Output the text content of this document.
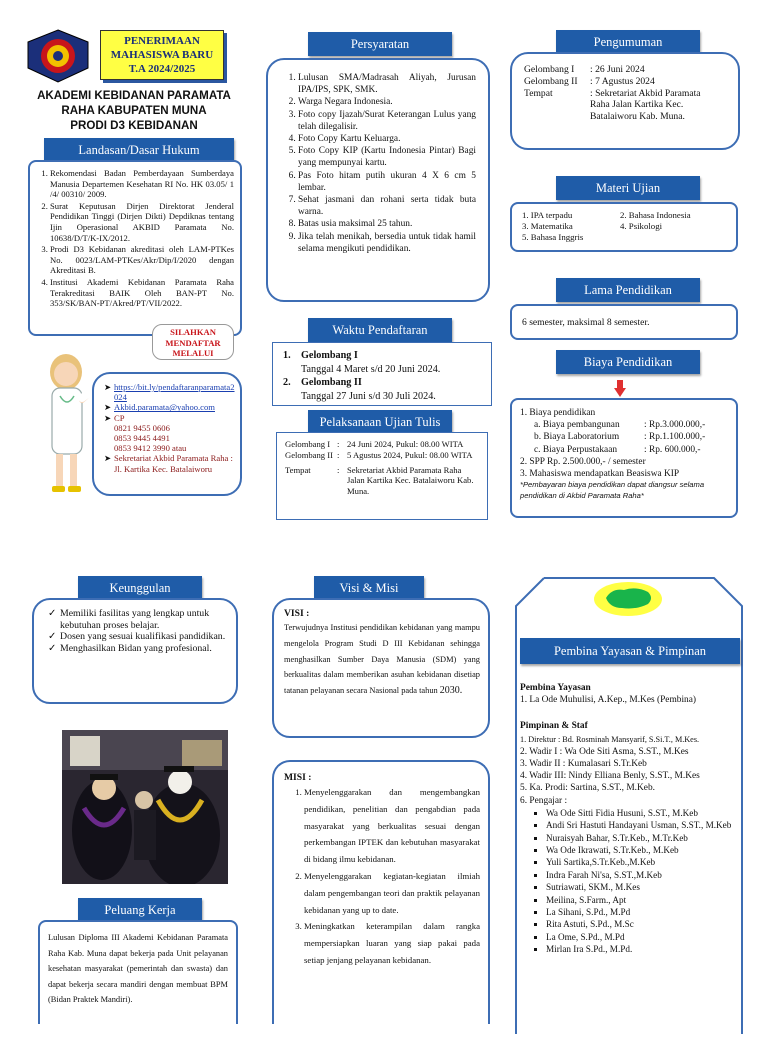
PENERIMAAN
MAHASISWA BARU
T.A 2024/2025
AKADEMI KEBIDANAN PARAMATA
RAHA KABUPATEN MUNA
PRODI D3 KEBIDANAN
Landasan/Dasar Hukum
1. Rekomendasi Badan Pemberdayaan Sumberdaya Manusia Departemen Kesehatan RI No. HK 03.05/ 1 /4/ 00310/ 2009.
2. Surat Keputusan Dirjen Direktorat Jenderal Pendidikan Tinggi (Dirjen Dikti) Depdiknas tentang Ijin Operasional AKBID Paramata No. 10638/D/T/K-IX/2012.
3. Prodi D3 Kebidanan akreditasi oleh LAM-PTKes No. 0023/LAM-PTKes/Akr/Dip/I/2020 dengan Akreditasi B.
4. Institusi Akademi Kebidanan Paramata Raha Terakreditasi BAIK Oleh BAN-PT No. 353/SK/BAN-PT/Akred/PT/VII/2022.
SILAHKAN
MENDAFTAR
MELALUI
➤ https://bit.ly/pendaftaranparamata2024
➤ Akbid.paramata@yahoo.com
➤ CP
0821 9455 0606
0853 9445 4491
0853 9412 3990 atau
➤ Sekretariat Akbid Paramata Raha :
Jl. Kartika Kec. Batalaiworu
Persyaratan
1. Lulusan SMA/Madrasah Aliyah, Jurusan IPA/IPS, SPK, SMK.
2. Warga Negara Indonesia.
3. Foto copy Ijazah/Surat Keterangan Lulus yang telah dilegalisir.
4. Foto Copy Kartu Keluarga.
5. Foto Copy KIP (Kartu Indonesia Pintar) Bagi yang mempunyai kartu.
6. Pas Foto hitam putih ukuran 4 X 6 cm 5 lembar.
7. Sehat jasmani dan rohani serta tidak buta warna.
8. Batas usia maksimal 25 tahun.
9. Jika telah menikah, bersedia untuk tidak hamil selama mengikuti pendidikan.
Waktu Pendaftaran
1.	Gelombang I
Tanggal 4 Maret s/d 20 Juni 2024.
2.	Gelombang II
Tanggal 27 Juni s/d 30 Juli 2024.
Pelaksanaan Ujian Tulis
Gelombang I	:	24 Juni 2024, Pukul: 08.00 WITA
Gelombang II	:	5 Agustus 2024, Pukul: 08.00 WITA
Tempat	:	Sekretariat Akbid Paramata Raha Jalan Kartika Kec. Batalaiworu Kab. Muna.
Pengumuman
Gelombang I	: 26 Juni 2024
Gelombang II	: 7 Agustus 2024
Tempat	: Sekretariat Akbid Paramata Raha Jalan Kartika Kec. Batalaiworu Kab. Muna.
Materi Ujian
1. IPA terpadu	2. Bahasa Indonesia
3. Matematika	4. Psikologi
5. Bahasa Inggris
Lama Pendidikan
6 semester, maksimal 8 semester.
Biaya Pendidikan
1. Biaya pendidikan
a. Biaya pembangunan	: Rp.3.000.000,-
b. Biaya Laboratorium	: Rp.1.100.000,-
c. Biaya Perpustakaan	: Rp. 600.000,-
2. SPP Rp. 2.500.000,- / semester
3. Mahasiswa mendapatkan Beasiswa KIP
*Pembayaran biaya pendidikan dapat diangsur selama pendidikan di Akbid Paramata Raha*
Keunggulan
✓ Memiliki fasilitas yang lengkap untuk kebutuhan proses belajar.
✓ Dosen yang sesuai kualifikasi pandidikan.
✓ Menghasilkan Bidan yang profesional.
Peluang Kerja
Lulusan Diploma III Akademi Kebidanan Paramata Raha Kab. Muna dapat bekerja pada Unit pelayanan kesehatan masyarakat (pemerintah dan swasta) dan dapat bekerja secara mandiri dengan membuat BPM (Bidan Praktek Mandiri).
Visi & Misi
VISI :
Terwujudnya Institusi pendidikan kebidanan yang mampu mengelola Program Studi D III Kebidanan sehingga menghasilkan Sumber Daya Manusia (SDM) yang berkualitas dalam memberikan asuhan kebidanan disetiap tatanan pelayanan secara Nasional pada tahun 2030.
MISI :
1. Menyelenggarakan dan mengembangkan pendidikan, penelitian dan pengabdian pada masyarakat yang berkualitas sesuai dengan perkembangan IPTEK dan kebutuhan masyarakat di bidang ilmu kebidanan.
2. Menyelenggarakan kegiatan-kegiatan ilmiah dalam pengembangan teori dan praktik pelayanan kebidanan yang up to date.
3. Meningkatkan keterampilan dalam rangka mempersiapkan luaran yang siap pakai pada setiap jenjang pelayanan kebidanan.
Pembina Yayasan & Pimpinan
Pembina Yayasan
1. La Ode Muhulisi, A.Kep., M.Kes (Pembina)
Pimpinan & Staf
1. Direktur : Bd. Rosminah Mansyarif, S.Si.T., M.Kes.
2. Wadir I : Wa Ode Siti Asma, S.ST., M.Kes
3. Wadir II : Kumalasari S.Tr.Keb
4. Wadir III: Nindy Elliana Benly, S.ST., M.Kes
5. Ka. Prodi: Sartina, S.ST., M.Keb.
6. Pengajar :
▪ Wa Ode Sitti Fidia Husuni, S.ST., M.Keb
▪ Andi Sri Hastuti Handayani Usman, S.ST., M.Keb
▪ Nuraisyah Bahar, S.Tr.Keb., M.Tr.Keb
▪ Wa Ode Ikrawati, S.Tr.Keb., M.Keb
▪ Yuli Sartika,S.Tr.Keb.,M.Keb
▪ Indra Farah Ni'sa, S.ST.,M.Keb
▪ Sutriawati, SKM., M.Kes
▪ Meilina, S.Farm., Apt
▪ La Sihani, S.Pd., M.Pd
▪ Rita Astuti, S.Pd., M.Sc
▪ La Ome, S.Pd., M.Pd
▪ Mirlan Ira S.Pd., M.Pd.
